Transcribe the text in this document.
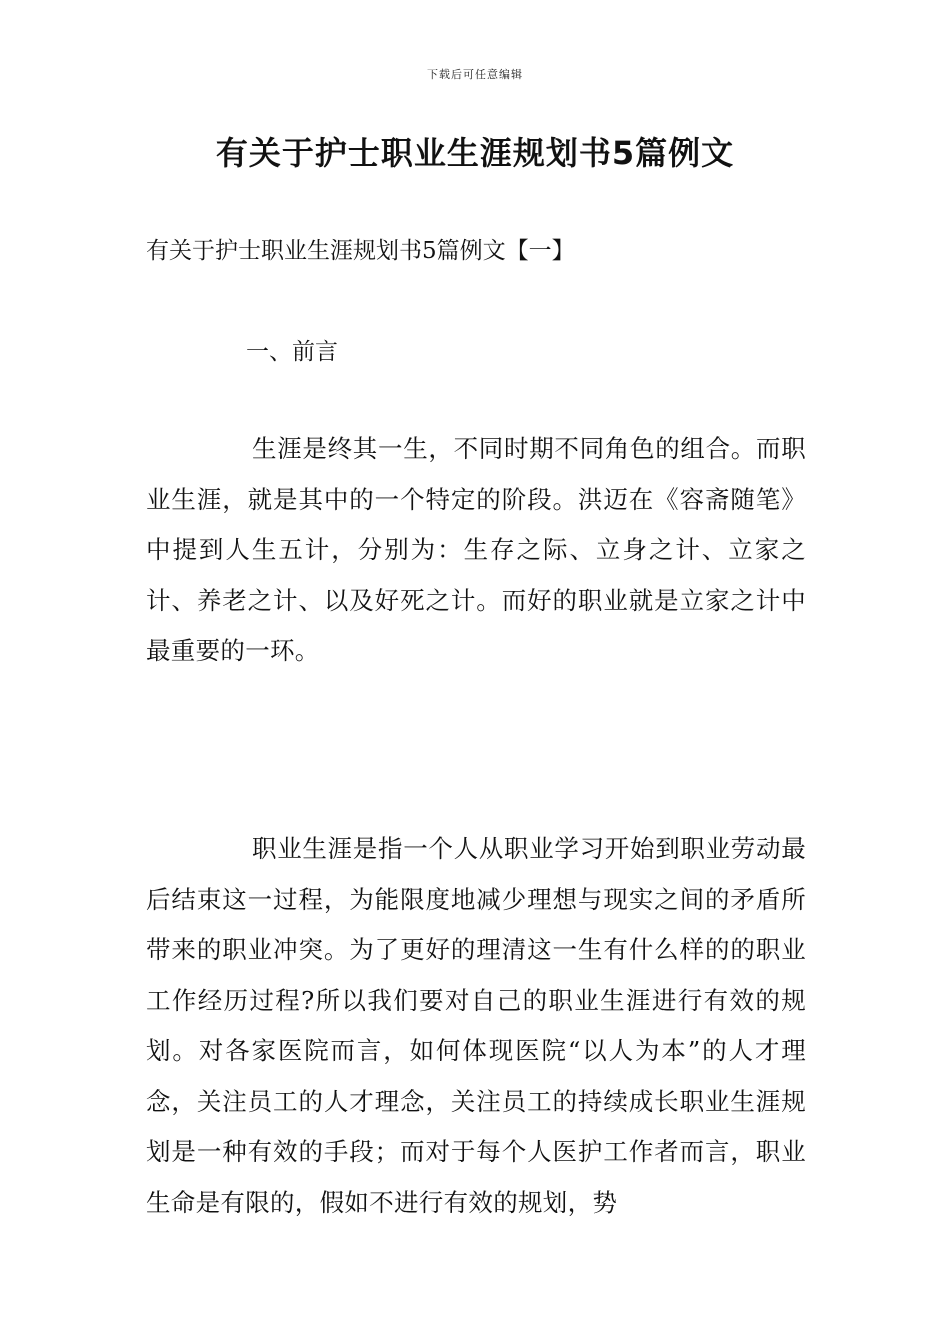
下载后可任意编辑
有关于护士职业生涯规划书5篇例文
有关于护士职业生涯规划书5篇例文【一】
一、前言

生涯是终其一生，不同时期不同角色的组合。而职业生涯，就是其中的一个特定的阶段。洪迈在《容斋随笔》中提到人生五计，分别为：生存之际、立身之计、立家之计、养老之计、以及好死之计。而好的职业就是立家之计中最重要的一环。

职业生涯是指一个人从职业学习开始到职业劳动最后结束这一过程，为能限度地减少理想与现实之间的矛盾所带来的职业冲突。为了更好的理清这一生有什么样的的职业工作经历过程?所以我们要对自己的职业生涯进行有效的规划。对各家医院而言，如何体现医院“以人为本”的人才理念，关注员工的人才理念，关注员工的持续成长职业生涯规划是一种有效的手段；而对于每个人医护工作者而言，职业生命是有限的，假如不进行有效的规划，势
